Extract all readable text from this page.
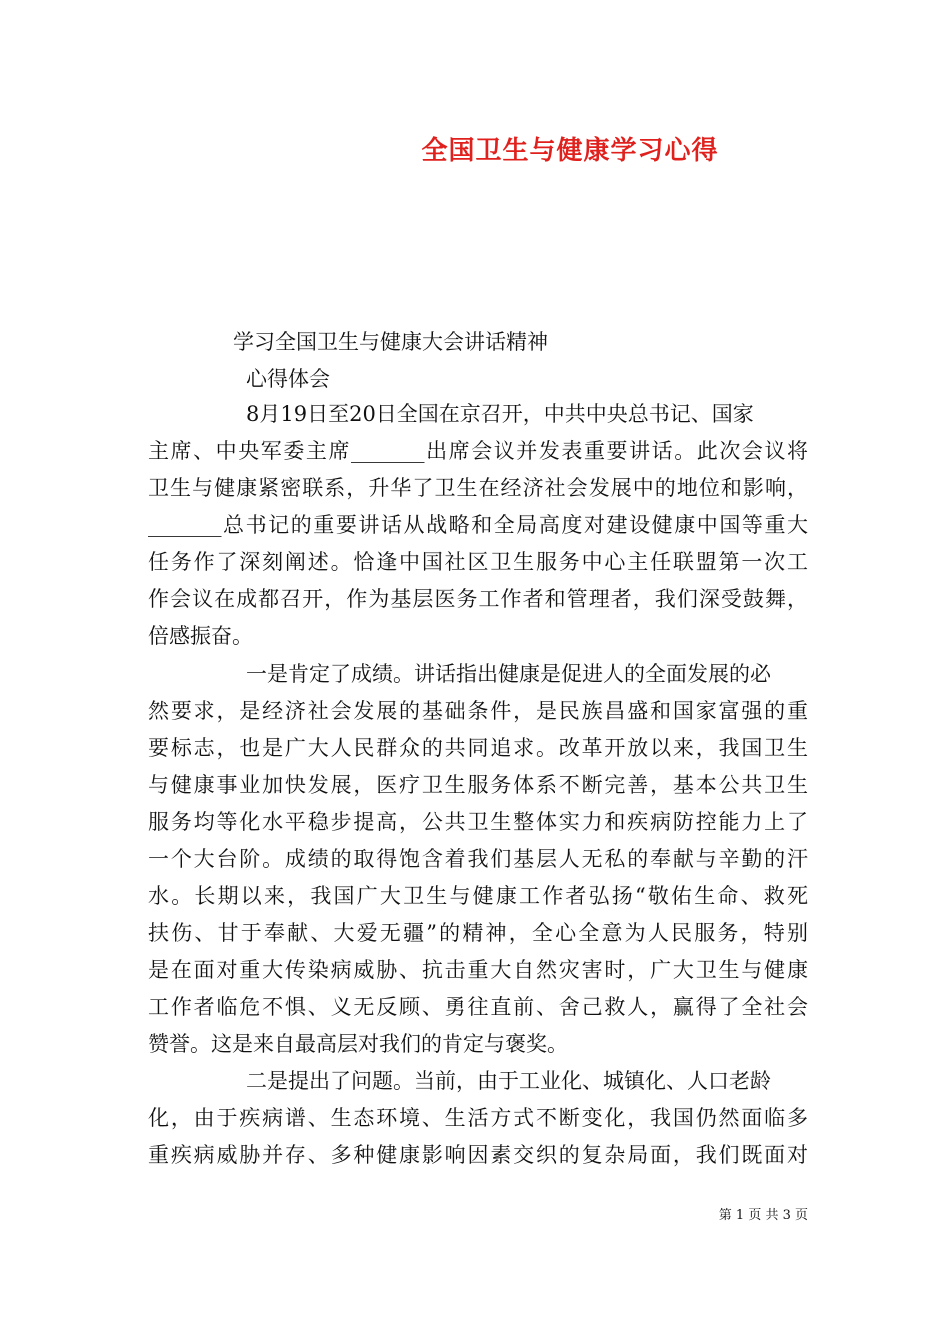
全国卫生与健康学习心得
学习全国卫生与健康大会讲话精神
心得体会
8月19日至20日全国在京召开，中共中央总书记、国家
主席、中央军委主席_______出席会议并发表重要讲话。此次会议将
卫生与健康紧密联系，升华了卫生在经济社会发展中的地位和影响，
_______总书记的重要讲话从战略和全局高度对建设健康中国等重大
任务作了深刻阐述。恰逢中国社区卫生服务中心主任联盟第一次工
作会议在成都召开，作为基层医务工作者和管理者，我们深受鼓舞，
倍感振奋。
一是肯定了成绩。讲话指出健康是促进人的全面发展的必
然要求，是经济社会发展的基础条件，是民族昌盛和国家富强的重
要标志，也是广大人民群众的共同追求。改革开放以来，我国卫生
与健康事业加快发展，医疗卫生服务体系不断完善，基本公共卫生
服务均等化水平稳步提高，公共卫生整体实力和疾病防控能力上了
一个大台阶。成绩的取得饱含着我们基层人无私的奉献与辛勤的汗
水。长期以来，我国广大卫生与健康工作者弘扬“敬佑生命、救死
扶伤、甘于奉献、大爱无疆”的精神，全心全意为人民服务，特别
是在面对重大传染病威胁、抗击重大自然灾害时，广大卫生与健康
工作者临危不惧、义无反顾、勇往直前、舍己救人，赢得了全社会
赞誉。这是来自最高层对我们的肯定与褒奖。
二是提出了问题。当前，由于工业化、城镇化、人口老龄
化，由于疾病谱、生态环境、生活方式不断变化，我国仍然面临多
重疾病威胁并存、多种健康影响因素交织的复杂局面，我们既面对
第 1 页 共 3 页
